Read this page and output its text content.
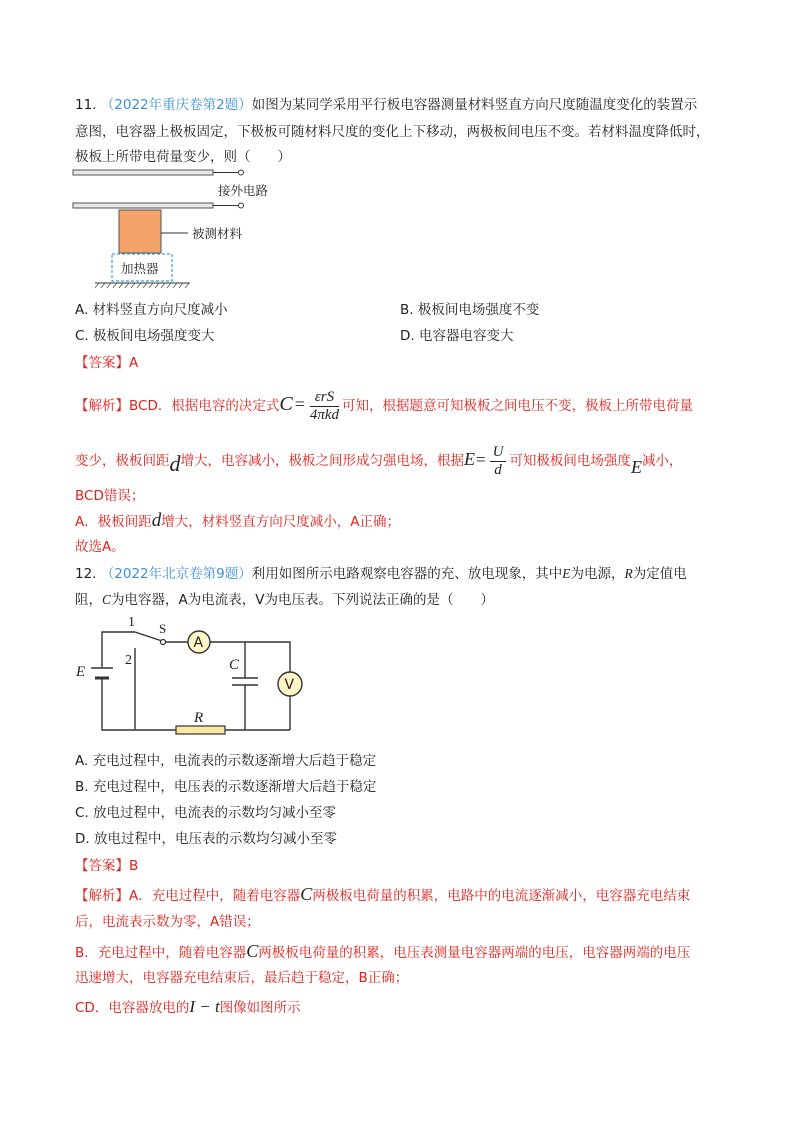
11. （2022年重庆卷第2题）如图为某同学采用平行板电容器测量材料竖直方向尺度随温度变化的装置示
意图，电容器上极板固定，下极板可随材料尺度的变化上下移动，两极板间电压不变。若材料温度降低时，
极板上所带电荷量变少，则（　　）
接外电路
被测材料
加热器
A. 材料竖直方向尺度减小	B. 极板间电场强度不变
C. 极板间电场强度变大	D. 电容器电容变大
【答案】A
【解析】BCD．根据电容的决定式$C = \frac{\text{εrS}}{\text{4πkd}}$ 可知，根据题意可知极板之间电压不变，极板上所带电荷量
变少，极板间距d增大，电容减小，极板之间形成匀强电场，根据$E= \frac{U}{d}$ 可知极板间电场强度E减小，
BCD错误；
A．极板间距d增大，材料竖直方向尺度减小，A正确；
故选A。
12. （2022年北京卷第9题）利用如图所示电路观察电容器的充、放电现象，其中E为电源，R为定值电
阻，C为电容器，A为电流表，V为电压表。下列说法正确的是（　　）
A
V
1
2
S
E	C
R
A. 充电过程中，电流表的示数逐渐增大后趋于稳定
B. 充电过程中，电压表的示数逐渐增大后趋于稳定
C. 放电过程中，电流表的示数均匀减小至零
D. 放电过程中，电压表的示数均匀减小至零
【答案】B
【解析】A．充电过程中，随着电容器C两极板电荷量的积累，电路中的电流逐渐减小，电容器充电结束
后，电流表示数为零，A错误；
B．充电过程中，随着电容器C两极板电荷量的积累，电压表测量电容器两端的电压，电容器两端的电压
迅速增大，电容器充电结束后，最后趋于稳定，B正确；
CD．电容器放电的I − t图像如图所示
